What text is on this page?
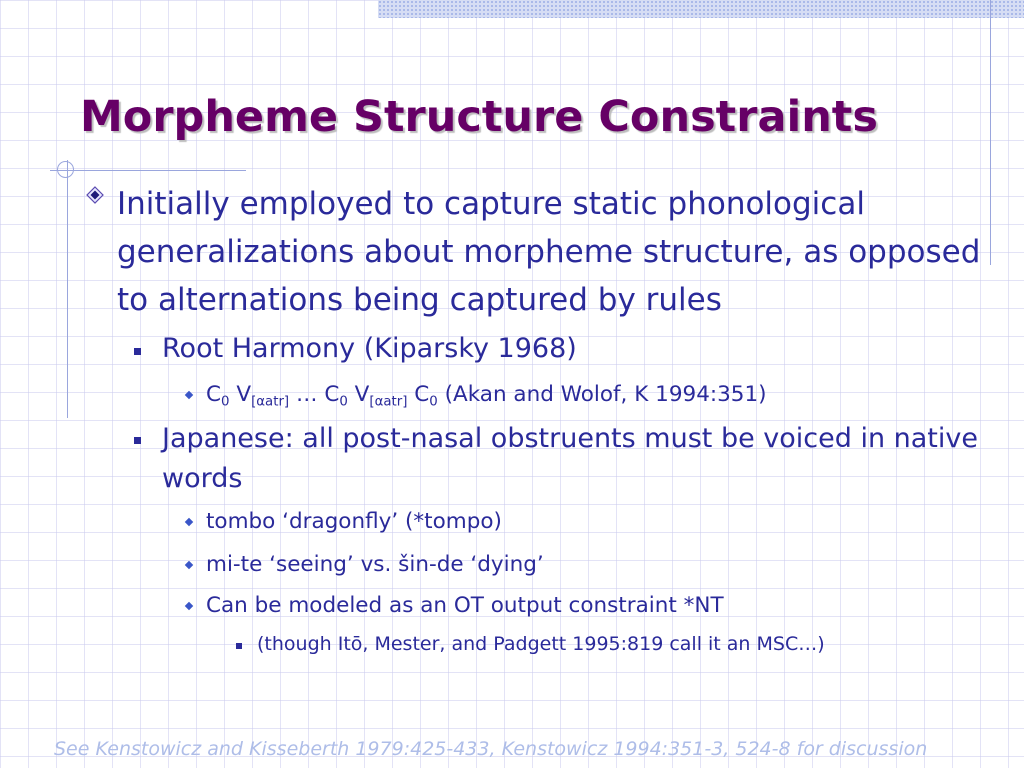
Morpheme Structure Constraints
Initially employed to capture static phonological generalizations about morpheme structure, as opposed to alternations being captured by rules
Root Harmony (Kiparsky 1968)
$C_0$ $V_{[\alpha atr]}$ … $C_0$ $V_{[\alpha atr]}$ $C_0$ (Akan and Wolof, K 1994:351)
Japanese: all post-nasal obstruents must be voiced in native words
tombo ‘dragonfly’ (*tompo)
mi-te ‘seeing’ vs. šin-de ‘dying’
Can be modeled as an OT output constraint *NT
(though Itō, Mester, and Padgett 1995:819 call it an MSC…)
See Kenstowicz and Kisseberth 1979:425-433, Kenstowicz 1994:351-3, 524-8 for discussion
